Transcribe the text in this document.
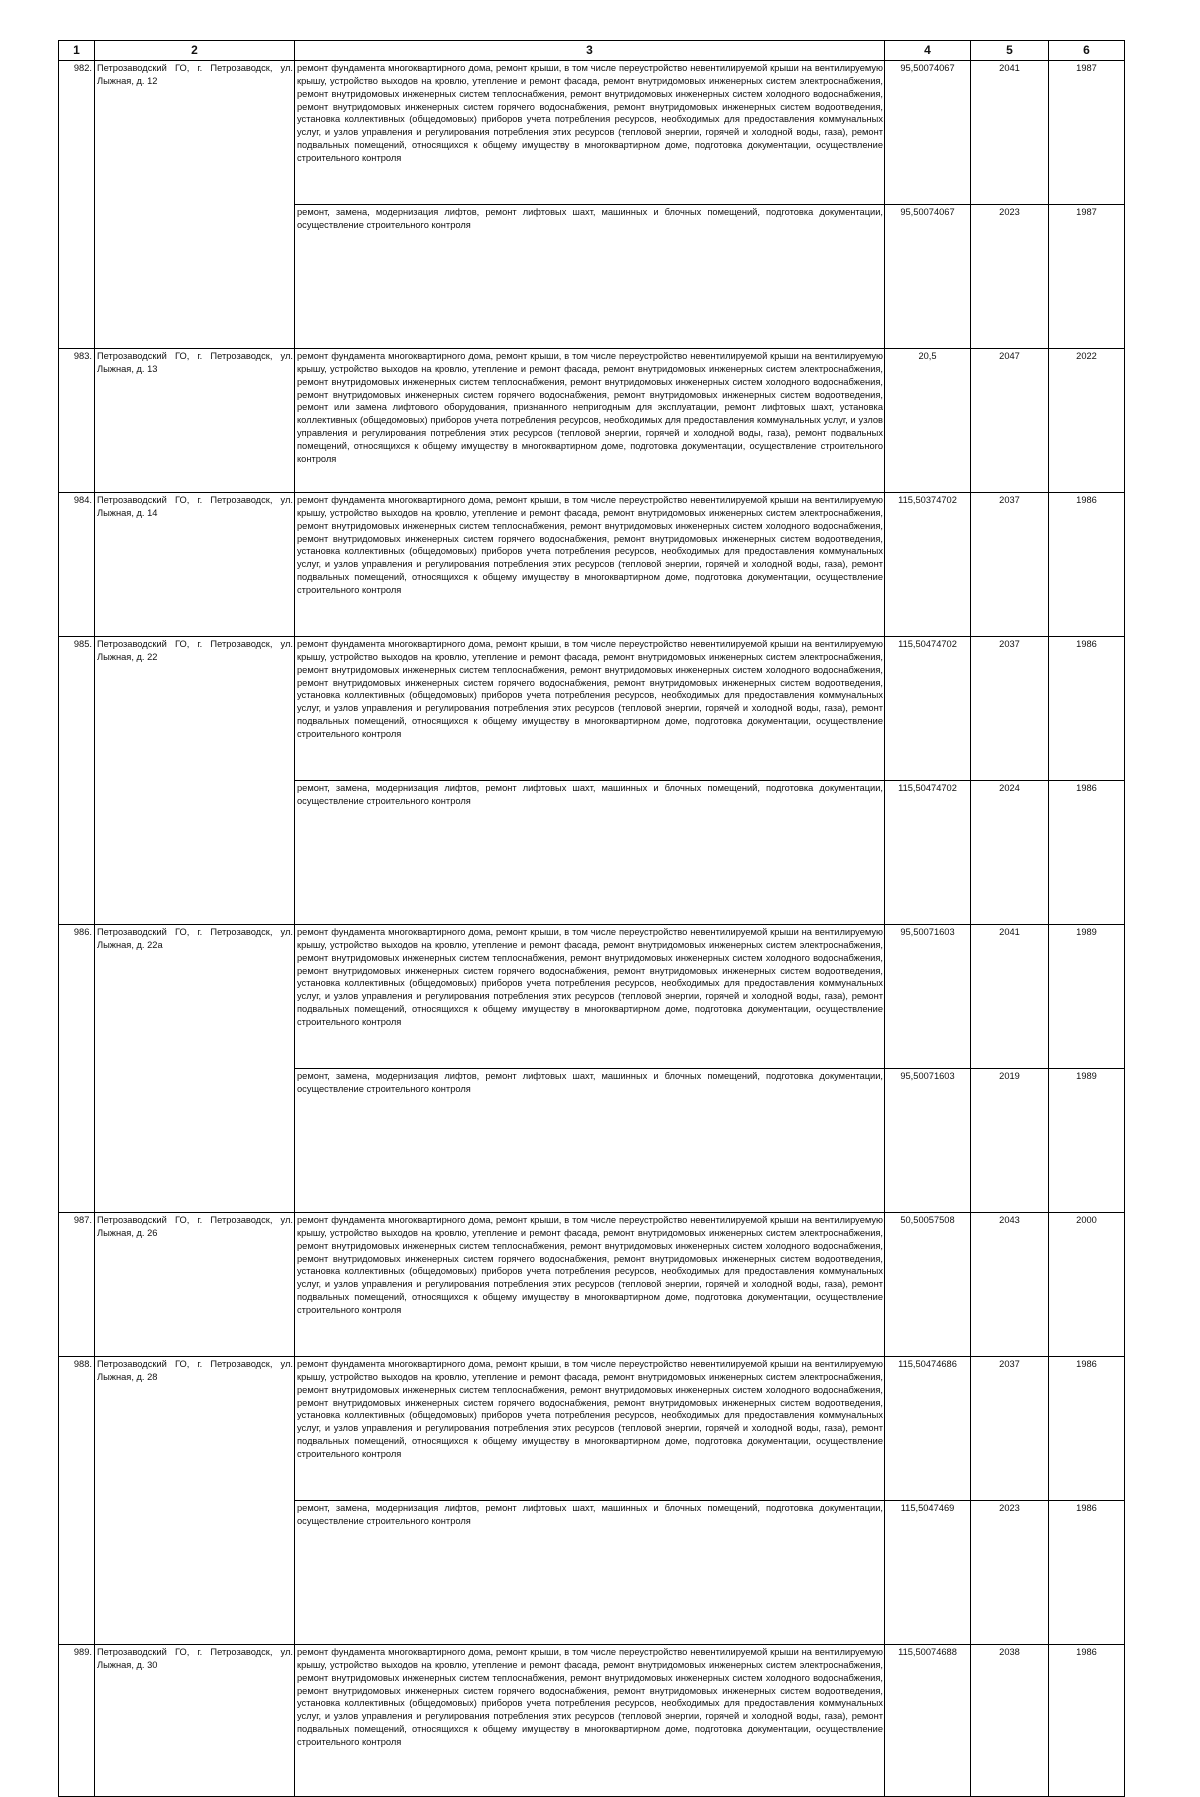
1	2	3	4	5	6
982.	Петрозаводский ГО, г. Петрозаводск, ул. Лыжная, д. 12	ремонт фундамента многоквартирного дома, ремонт крыши, в том числе переустройство невентилируемой крыши на вентилируемую крышу, устройство выходов на кровлю, утепление и ремонт фасада, ремонт внутридомовых инженерных систем электроснабжения, ремонт внутридомовых инженерных систем теплоснабжения, ремонт внутридомовых инженерных систем холодного водоснабжения, ремонт внутридомовых инженерных систем горячего водоснабжения, ремонт внутридомовых инженерных систем водоотведения, установка коллективных (общедомовых) приборов учета потребления ресурсов, необходимых для предоставления коммунальных услуг, и узлов управления и регулирования потребления этих ресурсов (тепловой энергии, горячей и холодной воды, газа), ремонт подвальных помещений, относящихся к общему имуществу в многоквартирном доме, подготовка документации, осуществление строительного контроля	95,50074067	2041	1987
		ремонт, замена, модернизация лифтов, ремонт лифтовых шахт, машинных и блочных помещений, подготовка документации, осуществление строительного контроля	95,50074067	2023	1987
983.	Петрозаводский ГО, г. Петрозаводск, ул. Лыжная, д. 13	ремонт фундамента многоквартирного дома, ремонт крыши, в том числе переустройство невентилируемой крыши на вентилируемую крышу, устройство выходов на кровлю, утепление и ремонт фасада, ремонт внутридомовых инженерных систем электроснабжения, ремонт внутридомовых инженерных систем теплоснабжения, ремонт внутридомовых инженерных систем холодного водоснабжения, ремонт внутридомовых инженерных систем горячего водоснабжения, ремонт внутридомовых инженерных систем водоотведения, ремонт или замена лифтового оборудования, признанного непригодным для эксплуатации, ремонт лифтовых шахт, установка коллективных (общедомовых) приборов учета потребления ресурсов, необходимых для предоставления коммунальных услуг, и узлов управления и регулирования потребления этих ресурсов (тепловой энергии, горячей и холодной воды, газа), ремонт подвальных помещений, относящихся к общему имуществу в многоквартирном доме, подготовка документации, осуществление строительного контроля	20,5	2047	2022
984.	Петрозаводский ГО, г. Петрозаводск, ул. Лыжная, д. 14	ремонт фундамента многоквартирного дома, ремонт крыши, в том числе переустройство невентилируемой крыши на вентилируемую крышу, устройство выходов на кровлю, утепление и ремонт фасада, ремонт внутридомовых инженерных систем электроснабжения, ремонт внутридомовых инженерных систем теплоснабжения, ремонт внутридомовых инженерных систем холодного водоснабжения, ремонт внутридомовых инженерных систем горячего водоснабжения, ремонт внутридомовых инженерных систем водоотведения, установка коллективных (общедомовых) приборов учета потребления ресурсов, необходимых для предоставления коммунальных услуг, и узлов управления и регулирования потребления этих ресурсов (тепловой энергии, горячей и холодной воды, газа), ремонт подвальных помещений, относящихся к общему имуществу в многоквартирном доме, подготовка документации, осуществление строительного контроля	115,50374702	2037	1986
985.	Петрозаводский ГО, г. Петрозаводск, ул. Лыжная, д. 22	ремонт фундамента многоквартирного дома, ремонт крыши, в том числе переустройство невентилируемой крыши на вентилируемую крышу, устройство выходов на кровлю, утепление и ремонт фасада, ремонт внутридомовых инженерных систем электроснабжения, ремонт внутридомовых инженерных систем теплоснабжения, ремонт внутридомовых инженерных систем холодного водоснабжения, ремонт внутридомовых инженерных систем горячего водоснабжения, ремонт внутридомовых инженерных систем водоотведения, установка коллективных (общедомовых) приборов учета потребления ресурсов, необходимых для предоставления коммунальных услуг, и узлов управления и регулирования потребления этих ресурсов (тепловой энергии, горячей и холодной воды, газа), ремонт подвальных помещений, относящихся к общему имуществу в многоквартирном доме, подготовка документации, осуществление строительного контроля	115,50474702	2037	1986
		ремонт, замена, модернизация лифтов, ремонт лифтовых шахт, машинных и блочных помещений, подготовка документации, осуществление строительного контроля	115,50474702	2024	1986
986.	Петрозаводский ГО, г. Петрозаводск, ул. Лыжная, д. 22а	ремонт фундамента многоквартирного дома, ремонт крыши, в том числе переустройство невентилируемой крыши на вентилируемую крышу, устройство выходов на кровлю, утепление и ремонт фасада, ремонт внутридомовых инженерных систем электроснабжения, ремонт внутридомовых инженерных систем теплоснабжения, ремонт внутридомовых инженерных систем холодного водоснабжения, ремонт внутридомовых инженерных систем горячего водоснабжения, ремонт внутридомовых инженерных систем водоотведения, установка коллективных (общедомовых) приборов учета потребления ресурсов, необходимых для предоставления коммунальных услуг, и узлов управления и регулирования потребления этих ресурсов (тепловой энергии, горячей и холодной воды, газа), ремонт подвальных помещений, относящихся к общему имуществу в многоквартирном доме, подготовка документации, осуществление строительного контроля	95,50071603	2041	1989
		ремонт, замена, модернизация лифтов, ремонт лифтовых шахт, машинных и блочных помещений, подготовка документации, осуществление строительного контроля	95,50071603	2019	1989
987.	Петрозаводский ГО, г. Петрозаводск, ул. Лыжная, д. 26	ремонт фундамента многоквартирного дома, ремонт крыши, в том числе переустройство невентилируемой крыши на вентилируемую крышу, устройство выходов на кровлю, утепление и ремонт фасада, ремонт внутридомовых инженерных систем электроснабжения, ремонт внутридомовых инженерных систем теплоснабжения, ремонт внутридомовых инженерных систем холодного водоснабжения, ремонт внутридомовых инженерных систем горячего водоснабжения, ремонт внутридомовых инженерных систем водоотведения, установка коллективных (общедомовых) приборов учета потребления ресурсов, необходимых для предоставления коммунальных услуг, и узлов управления и регулирования потребления этих ресурсов (тепловой энергии, горячей и холодной воды, газа), ремонт подвальных помещений, относящихся к общему имуществу в многоквартирном доме, подготовка документации, осуществление строительного контроля	50,50057508	2043	2000
988.	Петрозаводский ГО, г. Петрозаводск, ул. Лыжная, д. 28	ремонт фундамента многоквартирного дома, ремонт крыши, в том числе переустройство невентилируемой крыши на вентилируемую крышу, устройство выходов на кровлю, утепление и ремонт фасада, ремонт внутридомовых инженерных систем электроснабжения, ремонт внутридомовых инженерных систем теплоснабжения, ремонт внутридомовых инженерных систем холодного водоснабжения, ремонт внутридомовых инженерных систем горячего водоснабжения, ремонт внутридомовых инженерных систем водоотведения, установка коллективных (общедомовых) приборов учета потребления ресурсов, необходимых для предоставления коммунальных услуг, и узлов управления и регулирования потребления этих ресурсов (тепловой энергии, горячей и холодной воды, газа), ремонт подвальных помещений, относящихся к общему имуществу в многоквартирном доме, подготовка документации, осуществление строительного контроля	115,50474686	2037	1986
		ремонт, замена, модернизация лифтов, ремонт лифтовых шахт, машинных и блочных помещений, подготовка документации, осуществление строительного контроля	115,5047469	2023	1986
989.	Петрозаводский ГО, г. Петрозаводск, ул. Лыжная, д. 30	ремонт фундамента многоквартирного дома, ремонт крыши, в том числе переустройство невентилируемой крыши на вентилируемую крышу, устройство выходов на кровлю, утепление и ремонт фасада, ремонт внутридомовых инженерных систем электроснабжения, ремонт внутридомовых инженерных систем теплоснабжения, ремонт внутридомовых инженерных систем холодного водоснабжения, ремонт внутридомовых инженерных систем горячего водоснабжения, ремонт внутридомовых инженерных систем водоотведения, установка коллективных (общедомовых) приборов учета потребления ресурсов, необходимых для предоставления коммунальных услуг, и узлов управления и регулирования потребления этих ресурсов (тепловой энергии, горячей и холодной воды, газа), ремонт подвальных помещений, относящихся к общему имуществу в многоквартирном доме, подготовка документации, осуществление строительного контроля	115,50074688	2038	1986
